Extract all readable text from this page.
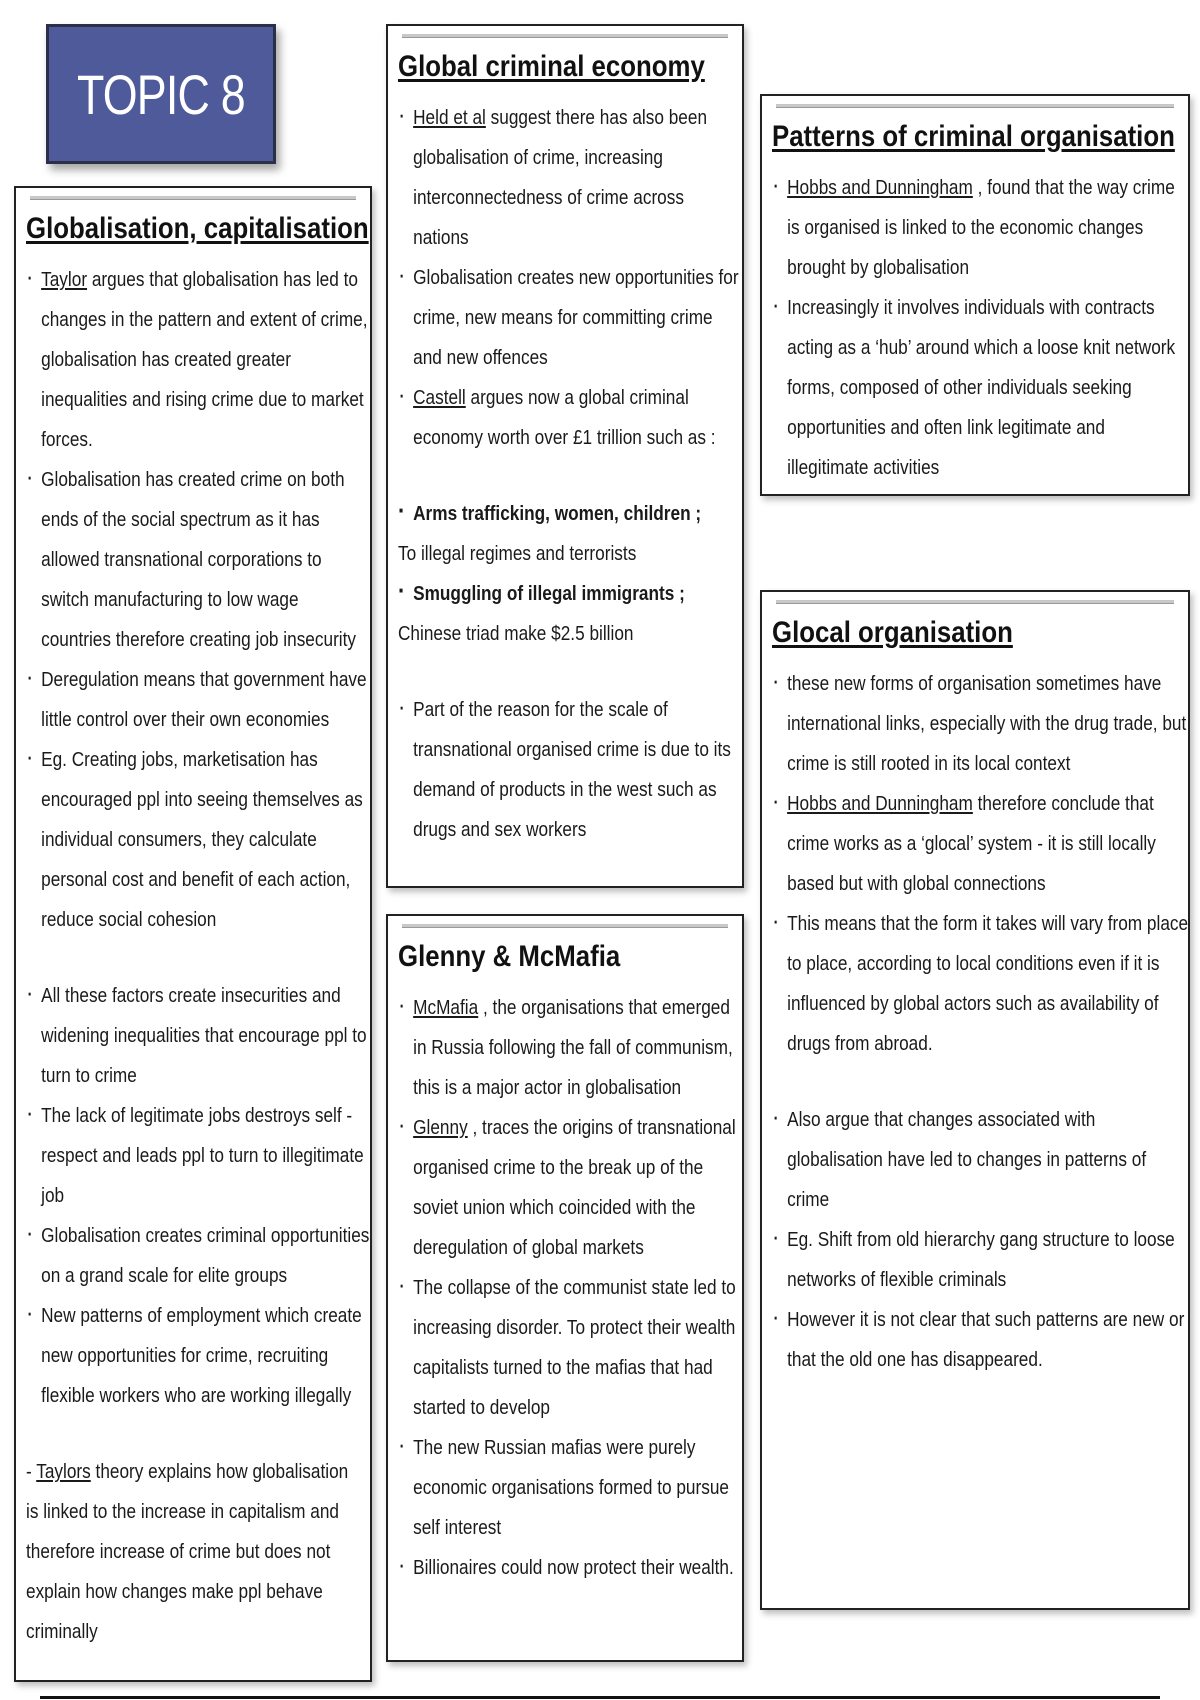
TOPIC 8
Globalisation, capitalisation
· Taylor argues that globalisation has led to changes in the pattern and extent of crime, globalisation has created greater inequalities and rising crime due to market forces.
· Globalisation has created crime on both ends of the social spectrum as it has allowed transnational corporations to switch manufacturing to low wage countries therefore creating job insecurity
· Deregulation means that government have little control over their own economies
· Eg. Creating jobs, marketisation has encouraged ppl into seeing themselves as individual consumers, they calculate personal cost and benefit of each action, reduce social cohesion
· All these factors create insecurities and widening inequalities that encourage ppl to turn to crime
· The lack of legitimate jobs destroys self - respect and leads ppl to turn to illegitimate job
· Globalisation creates criminal opportunities on a grand scale for elite groups
· New patterns of employment which create new opportunities for crime, recruiting flexible workers who are working illegally

- Taylors theory explains how globalisation is linked to the increase in capitalism and therefore increase of crime but does not explain how changes make ppl behave criminally

Global criminal economy
· Held et al suggest there has also been globalisation of crime, increasing interconnectedness of crime across nations
· Globalisation creates new opportunities for crime, new means for committing crime and new offences
· Castell argues now a global criminal economy worth over £1 trillion such as :
· Arms trafficking, women, children ;

To illegal regimes and terrorists

· Smuggling of illegal immigrants ;

Chinese triad make $2.5 billion

· Part of the reason for the scale of transnational organised crime is due to its demand of products in the west such as drugs and sex workers
Glenny & McMafia
· McMafia , the organisations that emerged in Russia following the fall of communism, this is a major actor in globalisation
· Glenny , traces the origins of transnational organised crime to the break up of the soviet union which coincided with the deregulation of global markets
· The collapse of the communist state led to increasing disorder. To protect their wealth capitalists turned to the mafias that had started to develop
· The new Russian mafias were purely economic organisations formed to pursue self interest
· Billionaires could now protect their wealth.
Patterns of criminal organisation
· Hobbs and Dunningham , found that the way crime is organised is linked to the economic changes brought by globalisation
· Increasingly it involves individuals with contracts acting as a ‘hub’ around which a loose knit network forms, composed of other individuals seeking opportunities and often link legitimate and illegitimate activities
Glocal organisation
· these new forms of organisation sometimes have international links, especially with the drug trade, but crime is still rooted in its local context
· Hobbs and Dunningham therefore conclude that crime works as a ‘glocal’ system - it is still locally based but with global connections
· This means that the form it takes will vary from place to place, according to local conditions even if it is influenced by global actors such as availability of drugs from abroad.
· Also argue that changes associated with globalisation have led to changes in patterns of crime
· Eg. Shift from old hierarchy gang structure to loose networks of flexible criminals
· However it is not clear that such patterns are new or that the old one has disappeared.
